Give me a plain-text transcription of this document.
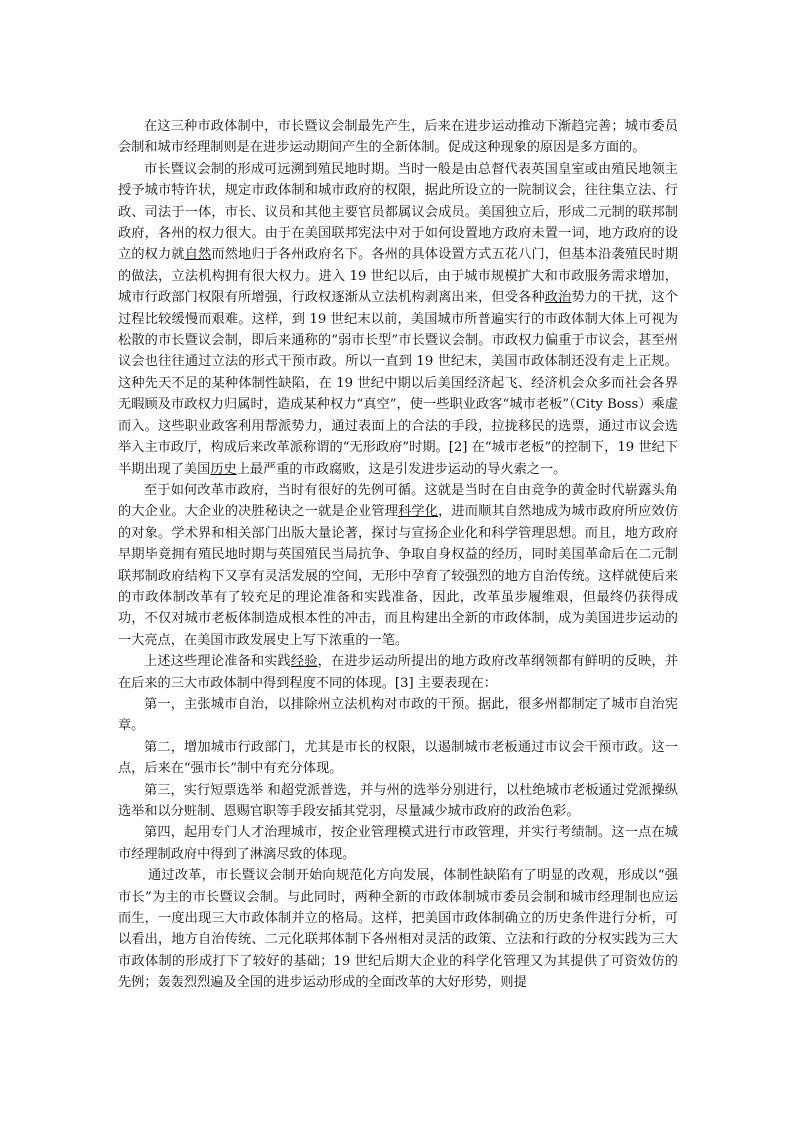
在这三种市政体制中，市长暨议会制最先产生，后来在进步运动推动下渐趋完善；城市委员会制和城市经理制则是在进步运动期间产生的全新体制。促成这种现象的原因是多方面的。

市长暨议会制的形成可远溯到殖民地时期。当时一般是由总督代表英国皇室或由殖民地领主授予城市特许状，规定市政体制和城市政府的权限，据此所设立的一院制议会，往往集立法、行政、司法于一体，市长、议员和其他主要官员都属议会成员。美国独立后，形成二元制的联邦制政府，各州的权力很大。由于在美国联邦宪法中对于如何设置地方政府未置一词，地方政府的设立的权力就自然而然地归于各州政府名下。各州的具体设置方式五花八门，但基本沿袭殖民时期的做法，立法机构拥有很大权力。进入 19 世纪以后，由于城市规模扩大和市政服务需求增加，城市行政部门权限有所增强，行政权逐渐从立法机构剥离出来，但受各种政治势力的干扰，这个过程比较缓慢而艰难。这样，到 19 世纪末以前，美国城市所普遍实行的市政体制大体上可视为松散的市长暨议会制，即后来通称的“弱市长型”市长暨议会制。市政权力偏重于市议会，甚至州议会也往往通过立法的形式干预市政。所以一直到 19 世纪末，美国市政体制还没有走上正规。这种先天不足的某种体制性缺陷，在 19 世纪中期以后美国经济起飞、经济机会众多而社会各界无暇顾及市政权力归属时，造成某种权力“真空”，使一些职业政客“城市老板”（City Boss）乘虚而入。这些职业政客利用帮派势力，通过表面上的合法的手段，拉拢移民的选票，通过市议会选举入主市政厅，构成后来改革派称谓的“无形政府”时期。[2] 在“城市老板”的控制下，19 世纪下半期出现了美国历史上最严重的市政腐败，这是引发进步运动的导火索之一。

至于如何改革市政府，当时有很好的先例可循。这就是当时在自由竞争的黄金时代崭露头角的大企业。大企业的决胜秘诀之一就是企业管理科学化，进而顺其自然地成为城市政府所应效仿的对象。学术界和相关部门出版大量论著，探讨与宣扬企业化和科学管理思想。而且，地方政府早期毕竟拥有殖民地时期与英国殖民当局抗争、争取自身权益的经历，同时美国革命后在二元制联邦制政府结构下又享有灵活发展的空间，无形中孕育了较强烈的地方自治传统。这样就使后来的市政体制改革有了较充足的理论准备和实践准备，因此，改革虽步履维艰，但最终仍获得成功，不仅对城市老板体制造成根本性的冲击，而且构建出全新的市政体制，成为美国进步运动的一大亮点，在美国市政发展史上写下浓重的一笔。

上述这些理论准备和实践经验，在进步运动所提出的地方政府改革纲领都有鲜明的反映，并在后来的三大市政体制中得到程度不同的体现。[3] 主要表现在：

第一，主张城市自治，以排除州立法机构对市政的干预。据此，很多州都制定了城市自治宪章。

第二，增加城市行政部门，尤其是市长的权限，以遏制城市老板通过市议会干预市政。这一点，后来在“强市长”制中有充分体现。

第三，实行短票选举 和超党派普选，并与州的选举分别进行，以杜绝城市老板通过党派操纵选举和以分赃制、恩赐官职等手段安插其党羽，尽量减少城市政府的政治色彩。

第四，起用专门人才治理城市，按企业管理模式进行市政管理，并实行考绩制。这一点在城市经理制政府中得到了淋漓尽致的体现。

通过改革，市长暨议会制开始向规范化方向发展，体制性缺陷有了明显的改观，形成以“强市长”为主的市长暨议会制。与此同时，两种全新的市政体制城市委员会制和城市经理制也应运而生，一度出现三大市政体制并立的格局。这样，把美国市政体制确立的历史条件进行分析，可以看出，地方自治传统、二元化联邦体制下各州相对灵活的政策、立法和行政的分权实践为三大市政体制的形成打下了较好的基础；19 世纪后期大企业的科学化管理又为其提供了可资效仿的先例；轰轰烈烈遍及全国的进步运动形成的全面改革的大好形势，则提
